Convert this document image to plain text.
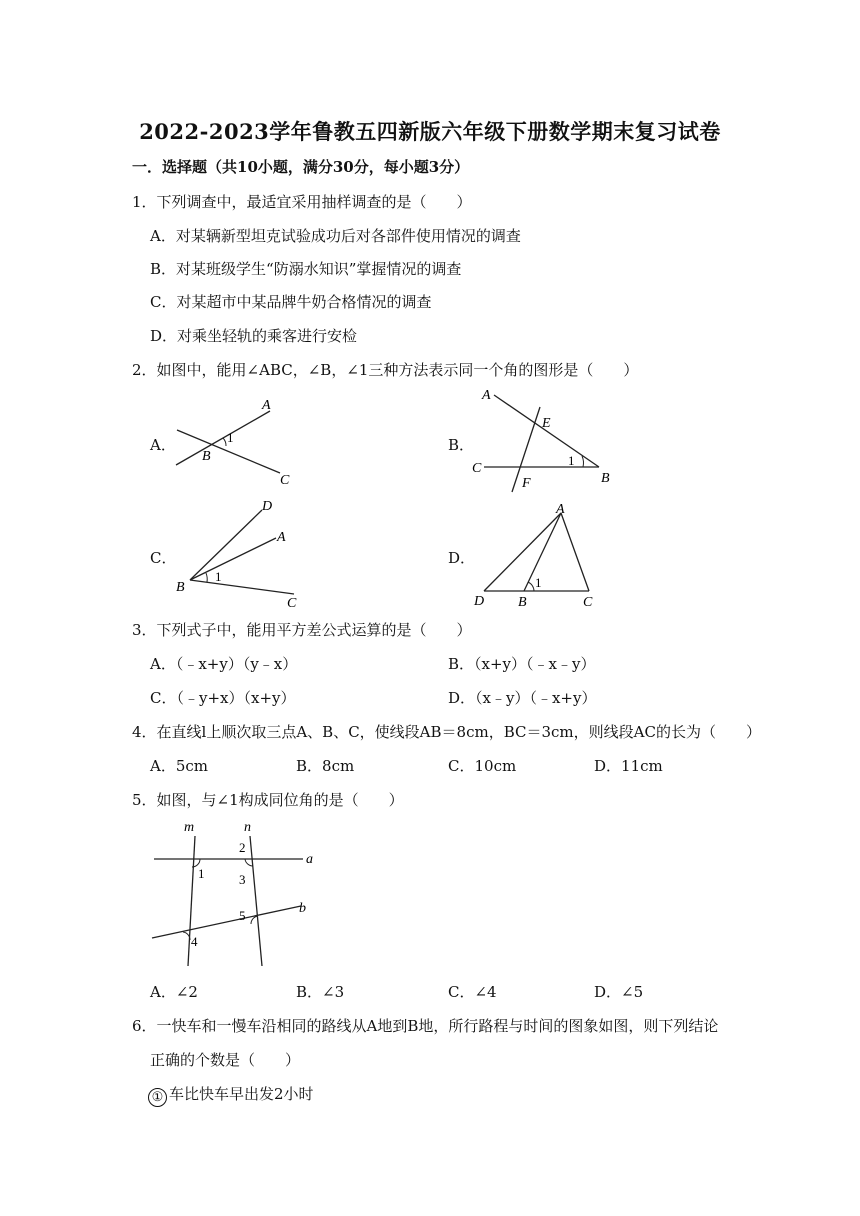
2022-2023学年鲁教五四新版六年级下册数学期末复习试卷
一．选择题（共10小题，满分30分，每小题3分）
1．下列调查中，最适宜采用抽样调查的是（　　）
A．对某辆新型坦克试验成功后对各部件使用情况的调查
B．对某班级学生“防溺水知识”掌握情况的调查
C．对某超市中某品牌牛奶合格情况的调查
D．对乘坐轻轨的乘客进行安检
2．如图中，能用∠ABC，∠B，∠1三种方法表示同一个角的图形是（　　）
A．
A
1
B
C
B．
A
E
C
1
B
F
C．
D
A
B
1
C
D．
A
D B
1
C
3．下列式子中，能用平方差公式运算的是（　　）
A．（﹣x+y）（y﹣x）	B．（x+y）（﹣x﹣y）
C．（﹣y+x）（x+y）	D．（x﹣y）（﹣x+y）
4．在直线l上顺次取三点A、B、C，使线段AB＝8cm，BC＝3cm，则线段AC的长为（　　）
A．5cm	B．8cm	C．10cm	D．11cm
5．如图，与∠1构成同位角的是（　　）
m	n
a
b
1
2
3
4
5
A．∠2	B．∠3	C．∠4	D．∠5
6．一快车和一慢车沿相同的路线从A地到B地，所行路程与时间的图象如图，则下列结论
正确的个数是（　　）
① 车比快车早出发2小时
